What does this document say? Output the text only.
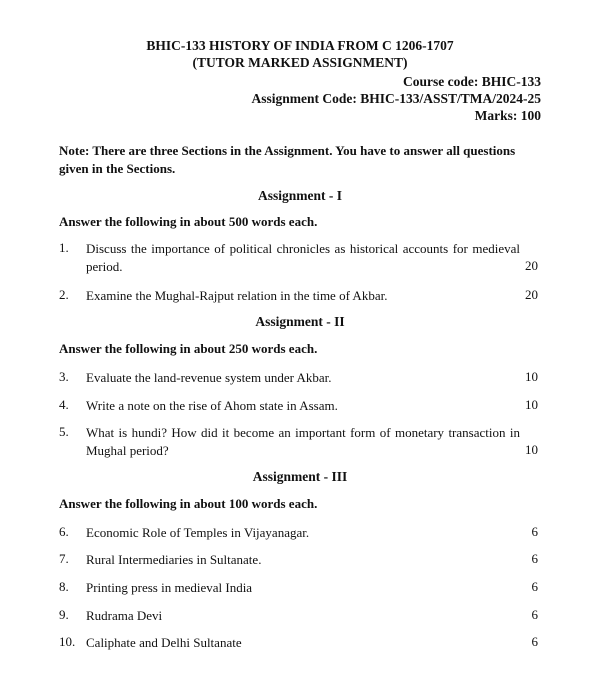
BHIC-133 HISTORY OF INDIA FROM C 1206-1707
(TUTOR MARKED ASSIGNMENT)
Course code: BHIC-133
Assignment Code: BHIC-133/ASST/TMA/2024-25
Marks: 100
Note: There are three Sections in the Assignment. You have to answer all questions given in the Sections.
Assignment - I
Answer the following in about 500 words each.
1. Discuss the importance of political chronicles as historical accounts for medieval period.	20
2. Examine the Mughal-Rajput relation in the time of Akbar.	20
Assignment - II
Answer the following in about 250 words each.
3. Evaluate the land-revenue system under Akbar.	10
4. Write a note on the rise of Ahom state in Assam.	10
5. What is hundi? How did it become an important form of monetary transaction in Mughal period?	10
Assignment - III
Answer the following in about 100 words each.
6. Economic Role of Temples in Vijayanagar.	6
7. Rural Intermediaries in Sultanate.	6
8. Printing press in medieval India	6
9. Rudrama Devi	6
10. Caliphate and Delhi Sultanate	6
